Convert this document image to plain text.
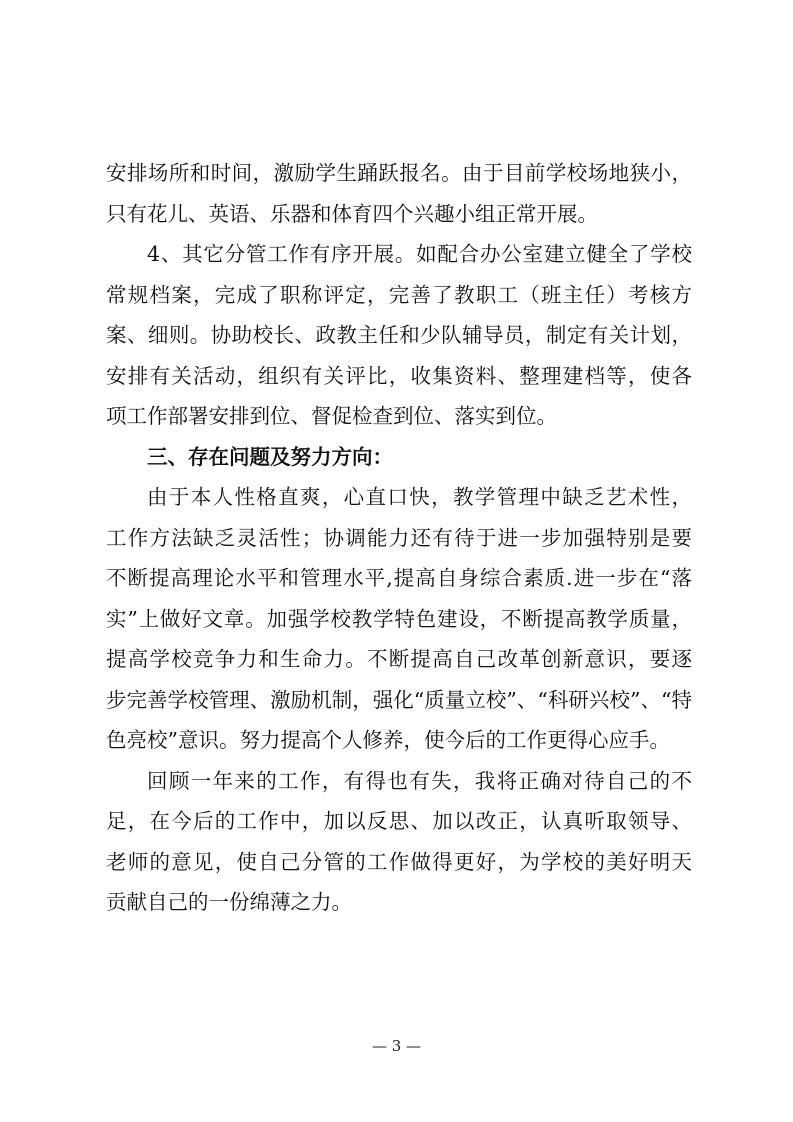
安排场所和时间，激励学生踊跃报名。由于目前学校场地狭小，
只有花儿、英语、乐器和体育四个兴趣小组正常开展。
4、其它分管工作有序开展。如配合办公室建立健全了学校
常规档案，完成了职称评定，完善了教职工（班主任）考核方
案、细则。协助校长、政教主任和少队辅导员，制定有关计划，
安排有关活动，组织有关评比，收集资料、整理建档等，使各
项工作部署安排到位、督促检查到位、落实到位。
三、存在问题及努力方向：
由于本人性格直爽，心直口快，教学管理中缺乏艺术性，
工作方法缺乏灵活性；协调能力还有待于进一步加强特别是要
不断提高理论水平和管理水平,提高自身综合素质.进一步在“落
实”上做好文章。加强学校教学特色建设，不断提高教学质量，
提高学校竞争力和生命力。不断提高自己改革创新意识，要逐
步完善学校管理、激励机制，强化“质量立校”、“科研兴校”、“特
色亮校”意识。努力提高个人修养，使今后的工作更得心应手。
回顾一年来的工作，有得也有失，我将正确对待自己的不
足，在今后的工作中，加以反思、加以改正，认真听取领导、
老师的意见，使自己分管的工作做得更好，为学校的美好明天
贡献自己的一份绵薄之力。
— 3 —
